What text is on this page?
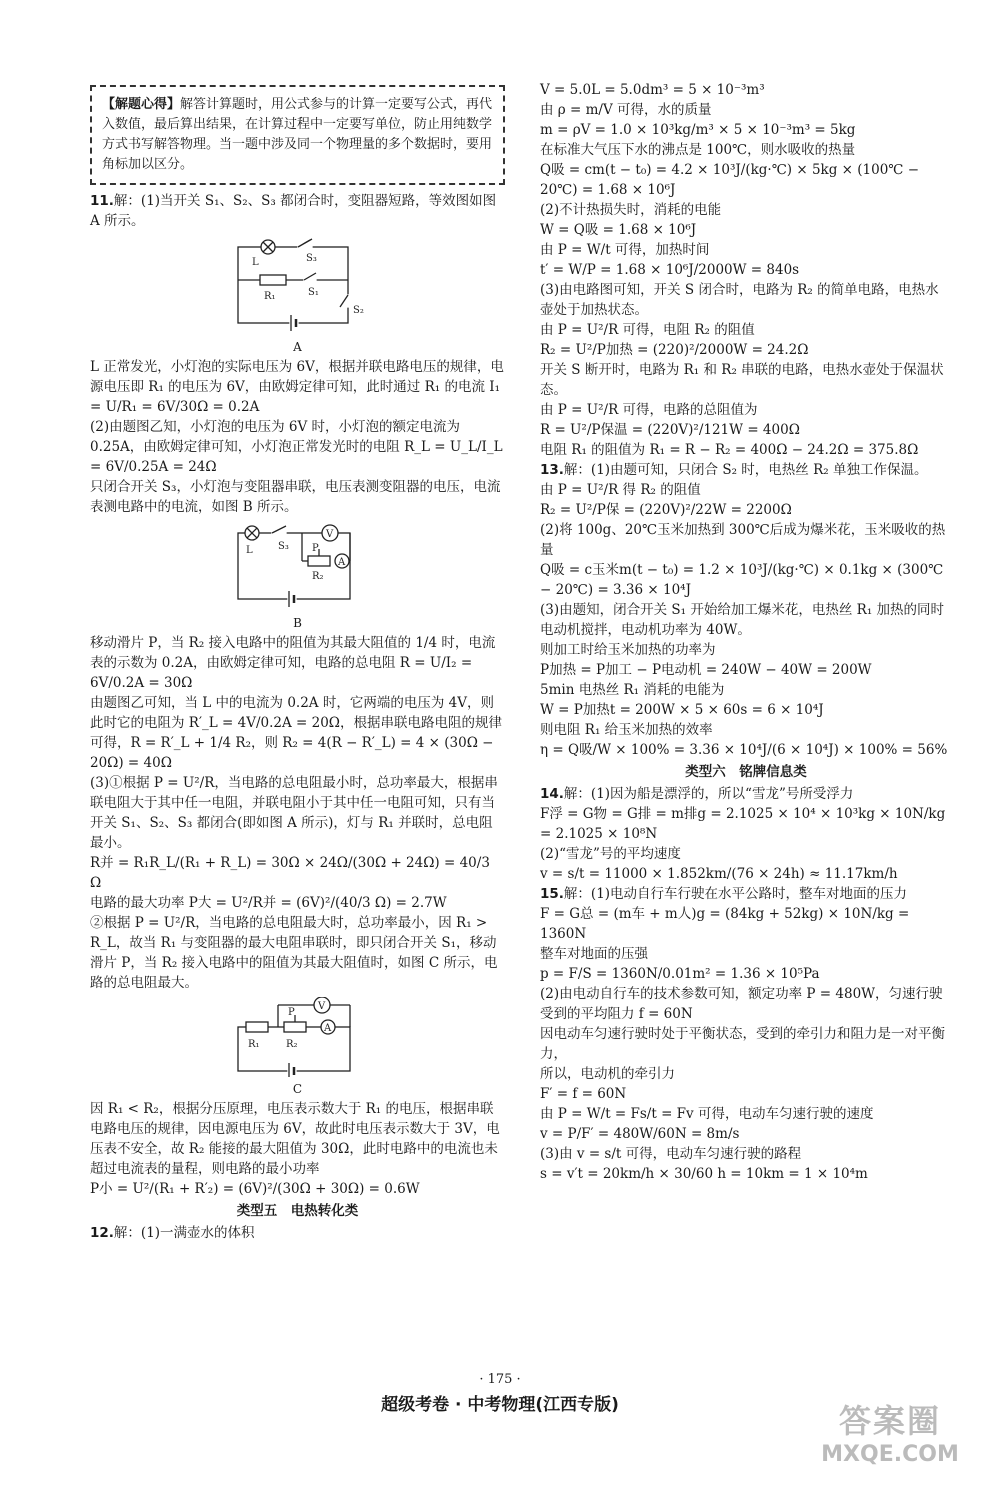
【解题心得】解答计算题时，用公式参与的计算一定要写公式，再代入数值，最后算出结果，在计算过程中一定要写单位，防止用纯数学方式书写解答物理。当一题中涉及同一个物理量的多个数据时，要用角标加以区分。

11.解：(1)当开关 S₁、S₂、S₃ 都闭合时，变阻器短路，等效图如图 A 所示。

L	S₃
R₁	S₁
S₂
A

L 正常发光，小灯泡的实际电压为 6V，根据并联电路电压的规律，电源电压即 R₁ 的电压为 6V，由欧姆定律可知，此时通过 R₁ 的电流 I₁ = U/R₁ = 6V/30Ω = 0.2A

(2)由题图乙知，小灯泡的电压为 6V 时，小灯泡的额定电流为 0.25A，由欧姆定律可知，小灯泡正常发光时的电阻 R_L = U_L/I_L = 6V/0.25A = 24Ω

只闭合开关 S₃，小灯泡与变阻器串联，电压表测变阻器的电压，电流表测电路中的电流，如图 B 所示。

V
A
L	S₃ P
R₂
B

移动滑片 P，当 R₂ 接入电路中的阻值为其最大阻值的 1/4 时，电流表的示数为 0.2A，由欧姆定律可知，电路的总电阻 R = U/I₂ = 6V/0.2A = 30Ω

由题图乙可知，当 L 中的电流为 0.2A 时，它两端的电压为 4V，则此时它的电阻为 R′_L = 4V/0.2A = 20Ω，根据串联电路电阻的规律可得，R = R′_L + 1/4 R₂，则 R₂ = 4(R − R′_L) = 4 × (30Ω − 20Ω) = 40Ω

(3)①根据 P = U²/R，当电路的总电阻最小时，总功率最大，根据串联电阻大于其中任一电阻，并联电阻小于其中任一电阻可知，只有当开关 S₁、S₂、S₃ 都闭合(即如图 A 所示)，灯与 R₁ 并联时，总电阻最小。

R并 = R₁R_L/(R₁ + R_L) = 30Ω × 24Ω/(30Ω + 24Ω) = 40/3 Ω

电路的最大功率 P大 = U²/R并 = (6V)²/(40/3 Ω) = 2.7W

②根据 P = U²/R，当电路的总电阻最大时，总功率最小，因 R₁ > R_L，故当 R₁ 与变阻器的最大电阻串联时，即只闭合开关 S₁，移动滑片 P，当 R₂ 接入电路中的阻值为其最大阻值时，如图 C 所示，电路的总电阻最大。

V
A
P
R₁	R₂
C

因 R₁ < R₂，根据分压原理，电压表示数大于 R₁ 的电压，根据串联电路电压的规律，因电源电压为 6V，故此时电压表示数大于 3V，电压表不安全，故 R₂ 能接的最大阻值为 30Ω，此时电路中的电流也未超过电流表的量程，则电路的最小功率

P小 = U²/(R₁ + R′₂) = (6V)²/(30Ω + 30Ω) = 0.6W

类型五　电热转化类

12.解：(1)一满壶水的体积

V = 5.0L = 5.0dm³ = 5 × 10⁻³m³

由 ρ = m/V 可得，水的质量

m = ρV = 1.0 × 10³kg/m³ × 5 × 10⁻³m³ = 5kg

在标准大气压下水的沸点是 100℃，则水吸收的热量

Q吸 = cm(t − t₀) = 4.2 × 10³J/(kg·℃) × 5kg × (100℃ − 20℃) = 1.68 × 10⁶J

(2)不计热损失时，消耗的电能

W = Q吸 = 1.68 × 10⁶J

由 P = W/t 可得，加热时间

t′ = W/P = 1.68 × 10⁶J/2000W = 840s

(3)由电路图可知，开关 S 闭合时，电路为 R₂ 的简单电路，电热水壶处于加热状态。

由 P = U²/R 可得，电阻 R₂ 的阻值

R₂ = U²/P加热 = (220)²/2000W = 24.2Ω

开关 S 断开时，电路为 R₁ 和 R₂ 串联的电路，电热水壶处于保温状态。

由 P = U²/R 可得，电路的总阻值为

R = U²/P保温 = (220V)²/121W = 400Ω

电阻 R₁ 的阻值为 R₁ = R − R₂ = 400Ω − 24.2Ω = 375.8Ω

13.解：(1)由题可知，只闭合 S₂ 时，电热丝 R₂ 单独工作保温。

由 P = U²/R 得 R₂ 的阻值

R₂ = U²/P保 = (220V)²/22W = 2200Ω

(2)将 100g、20℃玉米加热到 300℃后成为爆米花，玉米吸收的热量

Q吸 = c玉米m(t − t₀) = 1.2 × 10³J/(kg·℃) × 0.1kg × (300℃ − 20℃) = 3.36 × 10⁴J

(3)由题知，闭合开关 S₁ 开始给加工爆米花，电热丝 R₁ 加热的同时电动机搅拌，电动机功率为 40W。

则加工时给玉米加热的功率为

P加热 = P加工 − P电动机 = 240W − 40W = 200W

5min 电热丝 R₁ 消耗的电能为

W = P加热t = 200W × 5 × 60s = 6 × 10⁴J

则电阻 R₁ 给玉米加热的效率

η = Q吸/W × 100% = 3.36 × 10⁴J/(6 × 10⁴J) × 100% = 56%

类型六　铭牌信息类

14.解：(1)因为船是漂浮的，所以“雪龙”号所受浮力

F浮 = G物 = G排 = m排g = 2.1025 × 10⁴ × 10³kg × 10N/kg = 2.1025 × 10⁸N

(2)“雪龙”号的平均速度

v = s/t = 11000 × 1.852km/(76 × 24h) ≈ 11.17km/h

15.解：(1)电动自行车行驶在水平公路时，整车对地面的压力

F = G总 = (m车 + m人)g = (84kg + 52kg) × 10N/kg = 1360N

整车对地面的压强

p = F/S = 1360N/0.01m² = 1.36 × 10⁵Pa

(2)由电动自行车的技术参数可知，额定功率 P = 480W，匀速行驶受到的平均阻力 f = 60N

因电动车匀速行驶时处于平衡状态，受到的牵引力和阻力是一对平衡力，

所以，电动机的牵引力

F′ = f = 60N

由 P = W/t = Fs/t = Fv 可得，电动车匀速行驶的速度

v = P/F′ = 480W/60N = 8m/s

(3)由 v = s/t 可得，电动车匀速行驶的路程

s = v′t = 20km/h × 30/60 h = 10km = 1 × 10⁴m

· 175 ·
超级考卷 · 中考物理(江西专版)	答案圈
MXQE.COM
